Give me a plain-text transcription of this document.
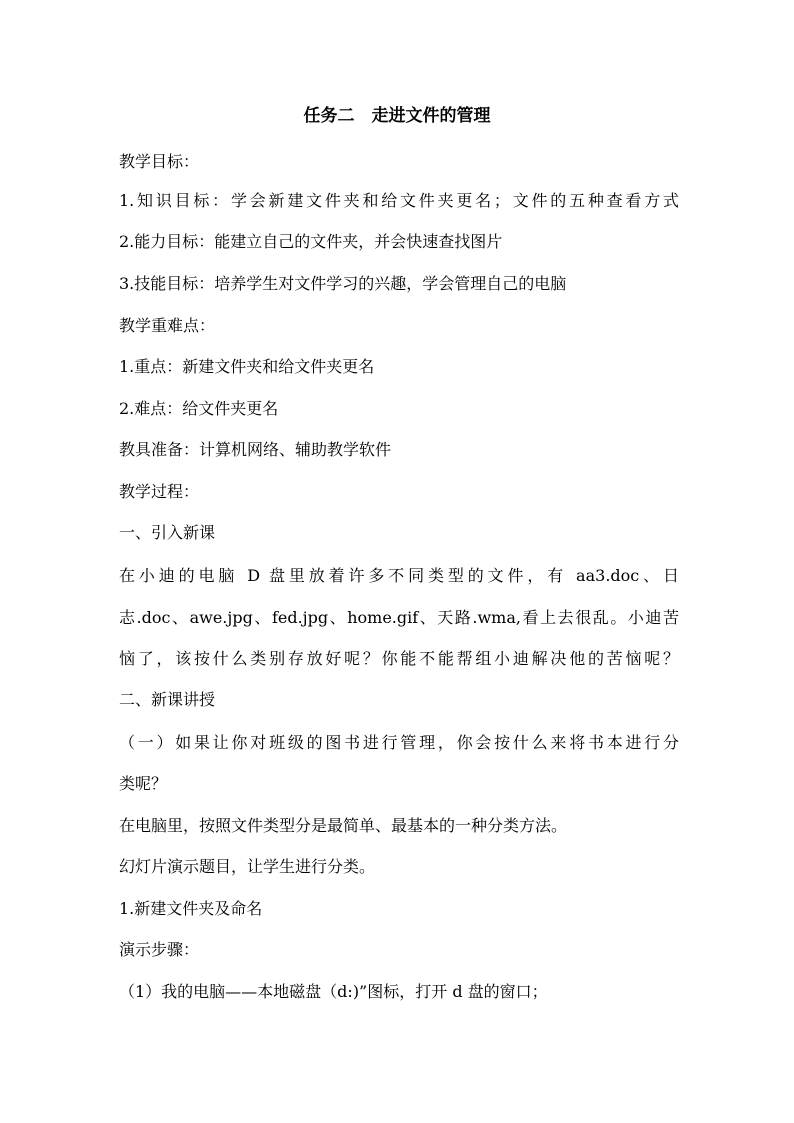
任务二　走进文件的管理
教学目标：
1.知识目标：学会新建文件夹和给文件夹更名；文件的五种查看方式
2.能力目标：能建立自己的文件夹，并会快速查找图片
3.技能目标：培养学生对文件学习的兴趣，学会管理自己的电脑
教学重难点：
1.重点：新建文件夹和给文件夹更名
2.难点：给文件夹更名
教具准备：计算机网络、辅助教学软件
教学过程：
一、引入新课
在小迪的电脑 D 盘里放着许多不同类型的文件，有 aa3.doc、日
志.doc、awe.jpg、fed.jpg、home.gif、天路.wma,看上去很乱。小迪苦
恼了，该按什么类别存放好呢？你能不能帮组小迪解决他的苦恼呢？
二、新课讲授
（一）如果让你对班级的图书进行管理，你会按什么来将书本进行分
类呢？
在电脑里，按照文件类型分是最简单、最基本的一种分类方法。
幻灯片演示题目，让学生进行分类。
1.新建文件夹及命名
演示步骤：
（1）我的电脑——本地磁盘（d:)”图标，打开 d 盘的窗口；
